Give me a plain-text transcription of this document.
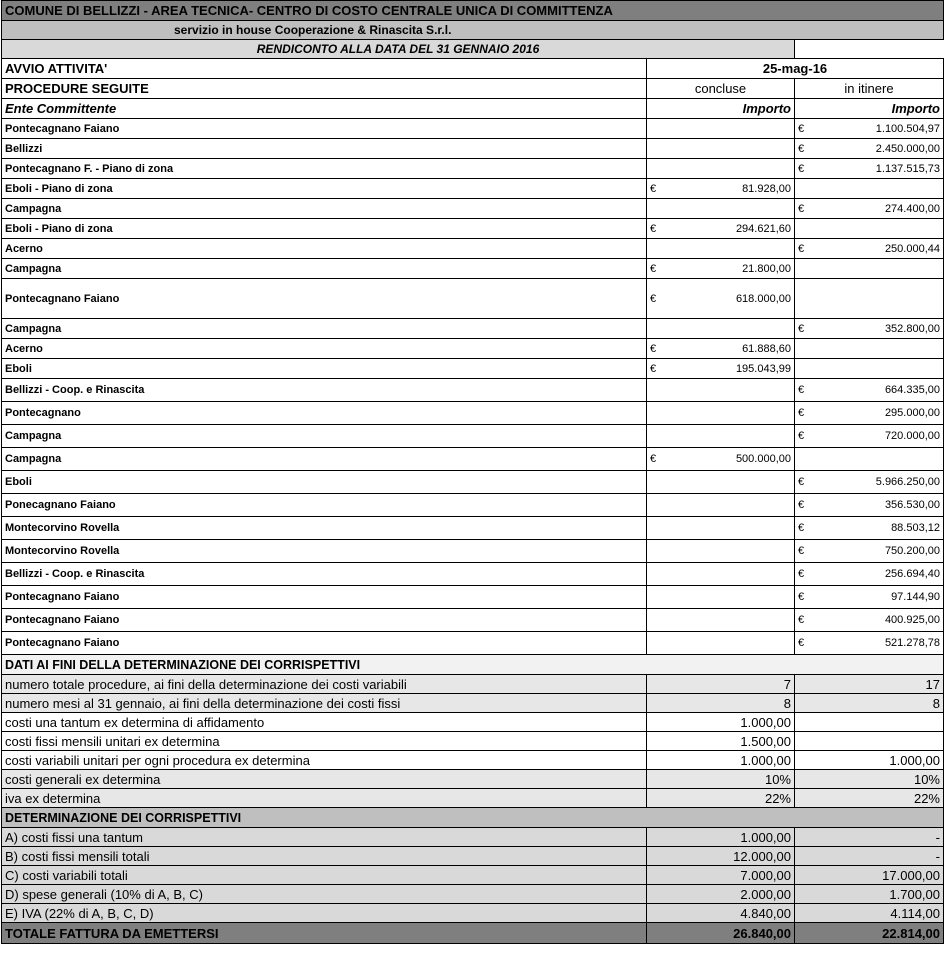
COMUNE DI BELLIZZI - AREA TECNICA- CENTRO DI COSTO CENTRALE UNICA DI COMMITTENZA		
servizio in house Cooperazione & Rinascita S.r.l.		
RENDICONTO ALLA DATA DEL 31 GENNAIO 2016		
AVVIO ATTIVITA'	25-mag-16	
PROCEDURE SEGUITE	concluse	in itinere
Ente Committente	Importo	Importo
Pontecagnano Faiano		€ 1.100.504,97

Bellizzi		€ 2.450.000,00

Pontecagnano F. - Piano di zona		€ 1.137.515,73

Eboli - Piano di zona	€ 81.928,00	

Campagna		€ 274.400,00

Eboli - Piano di zona	€ 294.621,60	

Acerno		€ 250.000,44

Campagna	€ 21.800,00	

Pontecagnano Faiano	€ 618.000,00	

Campagna		€ 352.800,00

Acerno	€ 61.888,60	

Eboli	€ 195.043,99	

Bellizzi - Coop. e Rinascita		€ 664.335,00

Pontecagnano		€ 295.000,00

Campagna		€ 720.000,00

Campagna	€ 500.000,00	

Eboli		€ 5.966.250,00

Ponecagnano Faiano		€ 356.530,00

Montecorvino Rovella		€ 88.503,12

Montecorvino Rovella		€ 750.200,00

Bellizzi - Coop. e Rinascita		€ 256.694,40

Pontecagnano Faiano		€ 97.144,90

Pontecagnano Faiano		€ 400.925,00

Pontecagnano Faiano		€ 521.278,78

DATI AI FINI DELLA DETERMINAZIONE DEI CORRISPETTIVI		
numero totale procedure, ai fini della determinazione dei costi variabili	7	17
numero mesi al 31 gennaio, ai fini della determinazione dei costi fissi	8	8
costi una tantum ex determina di affidamento	1.000,00	
costi fissi mensili unitari ex determina	1.500,00	
costi variabili unitari per ogni procedura ex determina	1.000,00	1.000,00
costi generali ex determina	10%	10%
iva ex determina	22%	22%
DETERMINAZIONE DEI CORRISPETTIVI		
A) costi fissi una tantum	1.000,00	-
B) costi fissi mensili totali	12.000,00	-
C) costi variabili totali	7.000,00	17.000,00
D) spese generali (10% di A, B, C)	2.000,00	1.700,00
E) IVA (22% di A, B, C, D)	4.840,00	4.114,00
TOTALE FATTURA DA EMETTERSI	26.840,00	22.814,00
